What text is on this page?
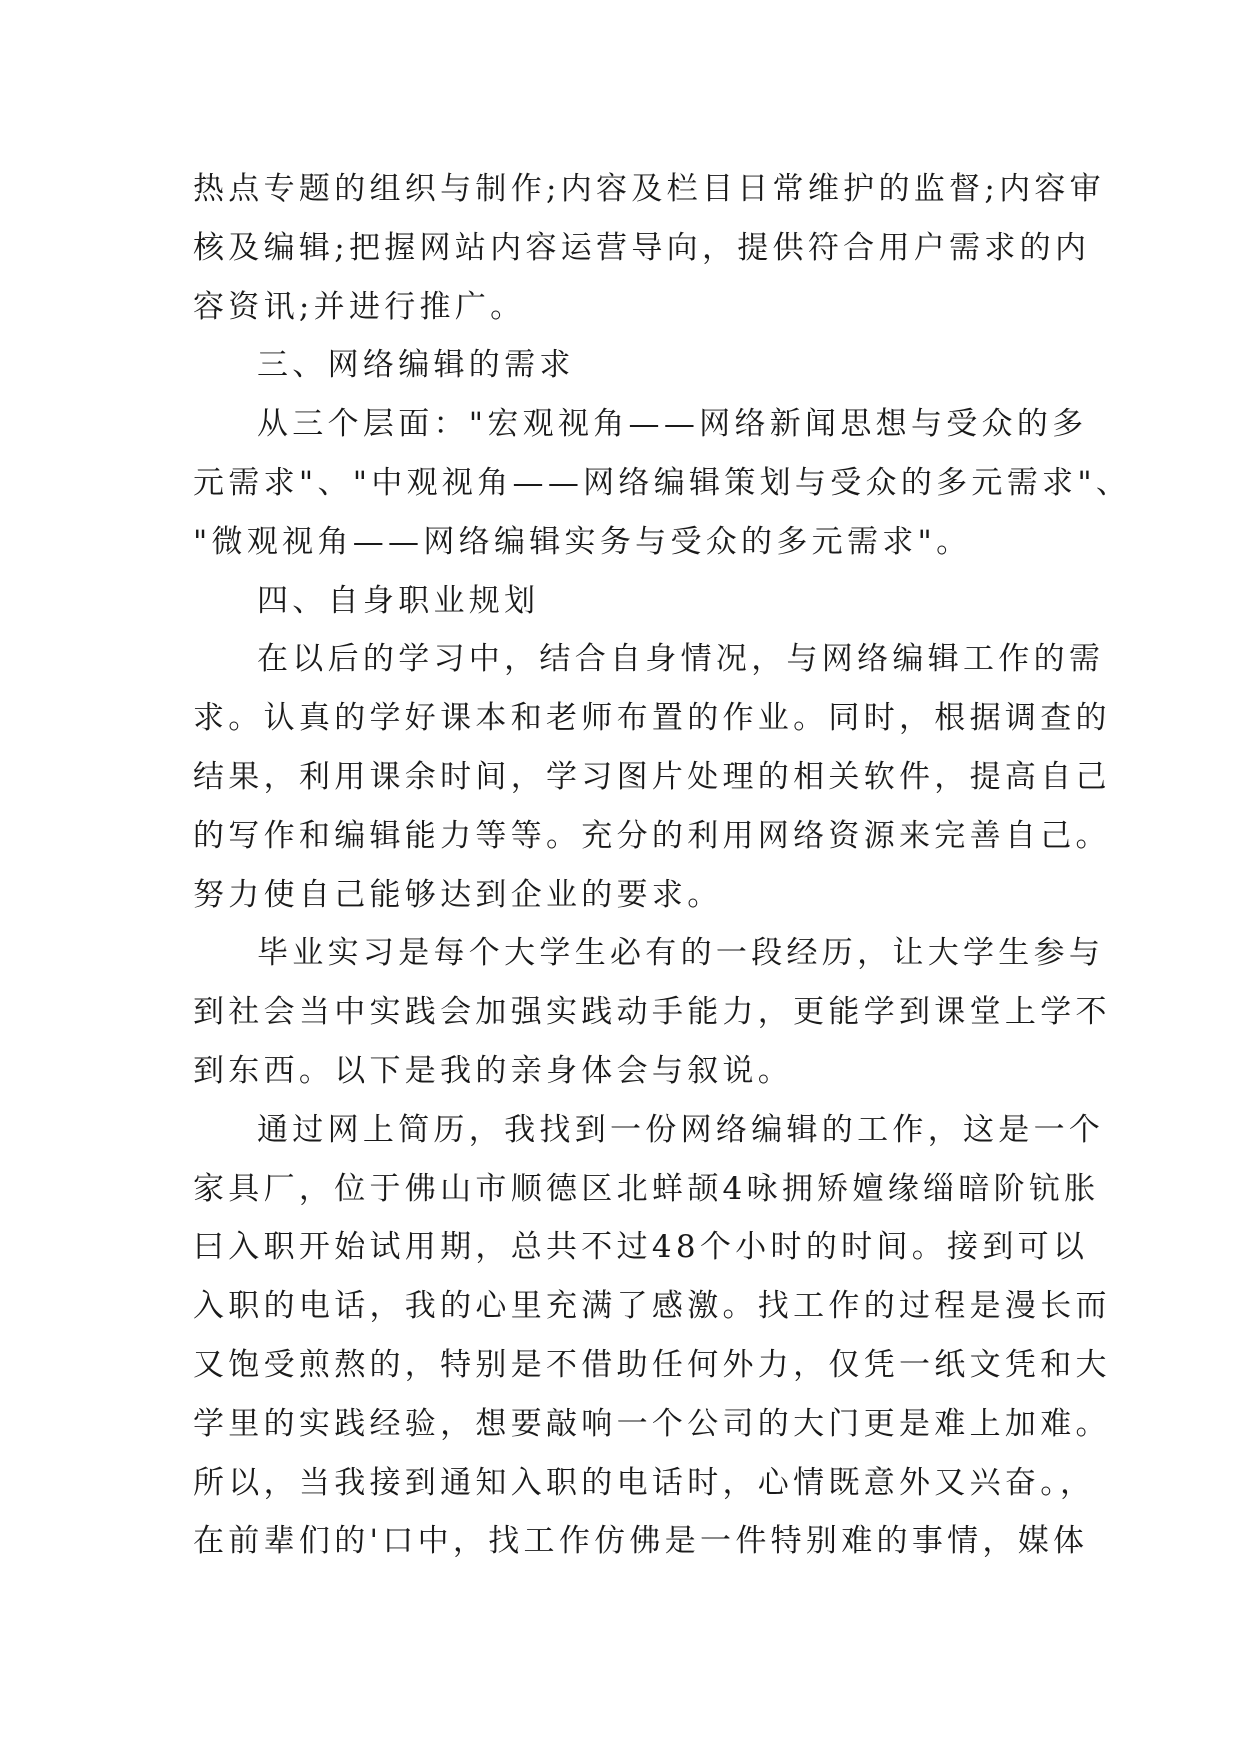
热点专题的组织与制作;内容及栏目日常维护的监督;内容审
核及编辑;把握网站内容运营导向，提供符合用户需求的内
容资讯;并进行推广。
三、网络编辑的需求
从三个层面："宏观视角——网络新闻思想与受众的多
元需求"、"中观视角——网络编辑策划与受众的多元需求"、
"微观视角——网络编辑实务与受众的多元需求"。
四、自身职业规划
在以后的学习中，结合自身情况，与网络编辑工作的需
求。认真的学好课本和老师布置的作业。同时，根据调查的
结果，利用课余时间，学习图片处理的相关软件，提高自己
的写作和编辑能力等等。充分的利用网络资源来完善自己。
努力使自己能够达到企业的要求。
毕业实习是每个大学生必有的一段经历，让大学生参与
到社会当中实践会加强实践动手能力，更能学到课堂上学不
到东西。以下是我的亲身体会与叙说。
通过网上简历，我找到一份网络编辑的工作，这是一个
家具厂，位于佛山市顺德区北蛘颉4咏拥矫嬗缘缁暗阶钪胀
曰入职开始试用期，总共不过48个小时的时间。接到可以
入职的电话，我的心里充满了感激。找工作的过程是漫长而
又饱受煎熬的，特别是不借助任何外力，仅凭一纸文凭和大
学里的实践经验，想要敲响一个公司的大门更是难上加难。
所以，当我接到通知入职的电话时，心情既意外又兴奋。，
在前辈们的'口中，找工作仿佛是一件特别难的事情，媒体
